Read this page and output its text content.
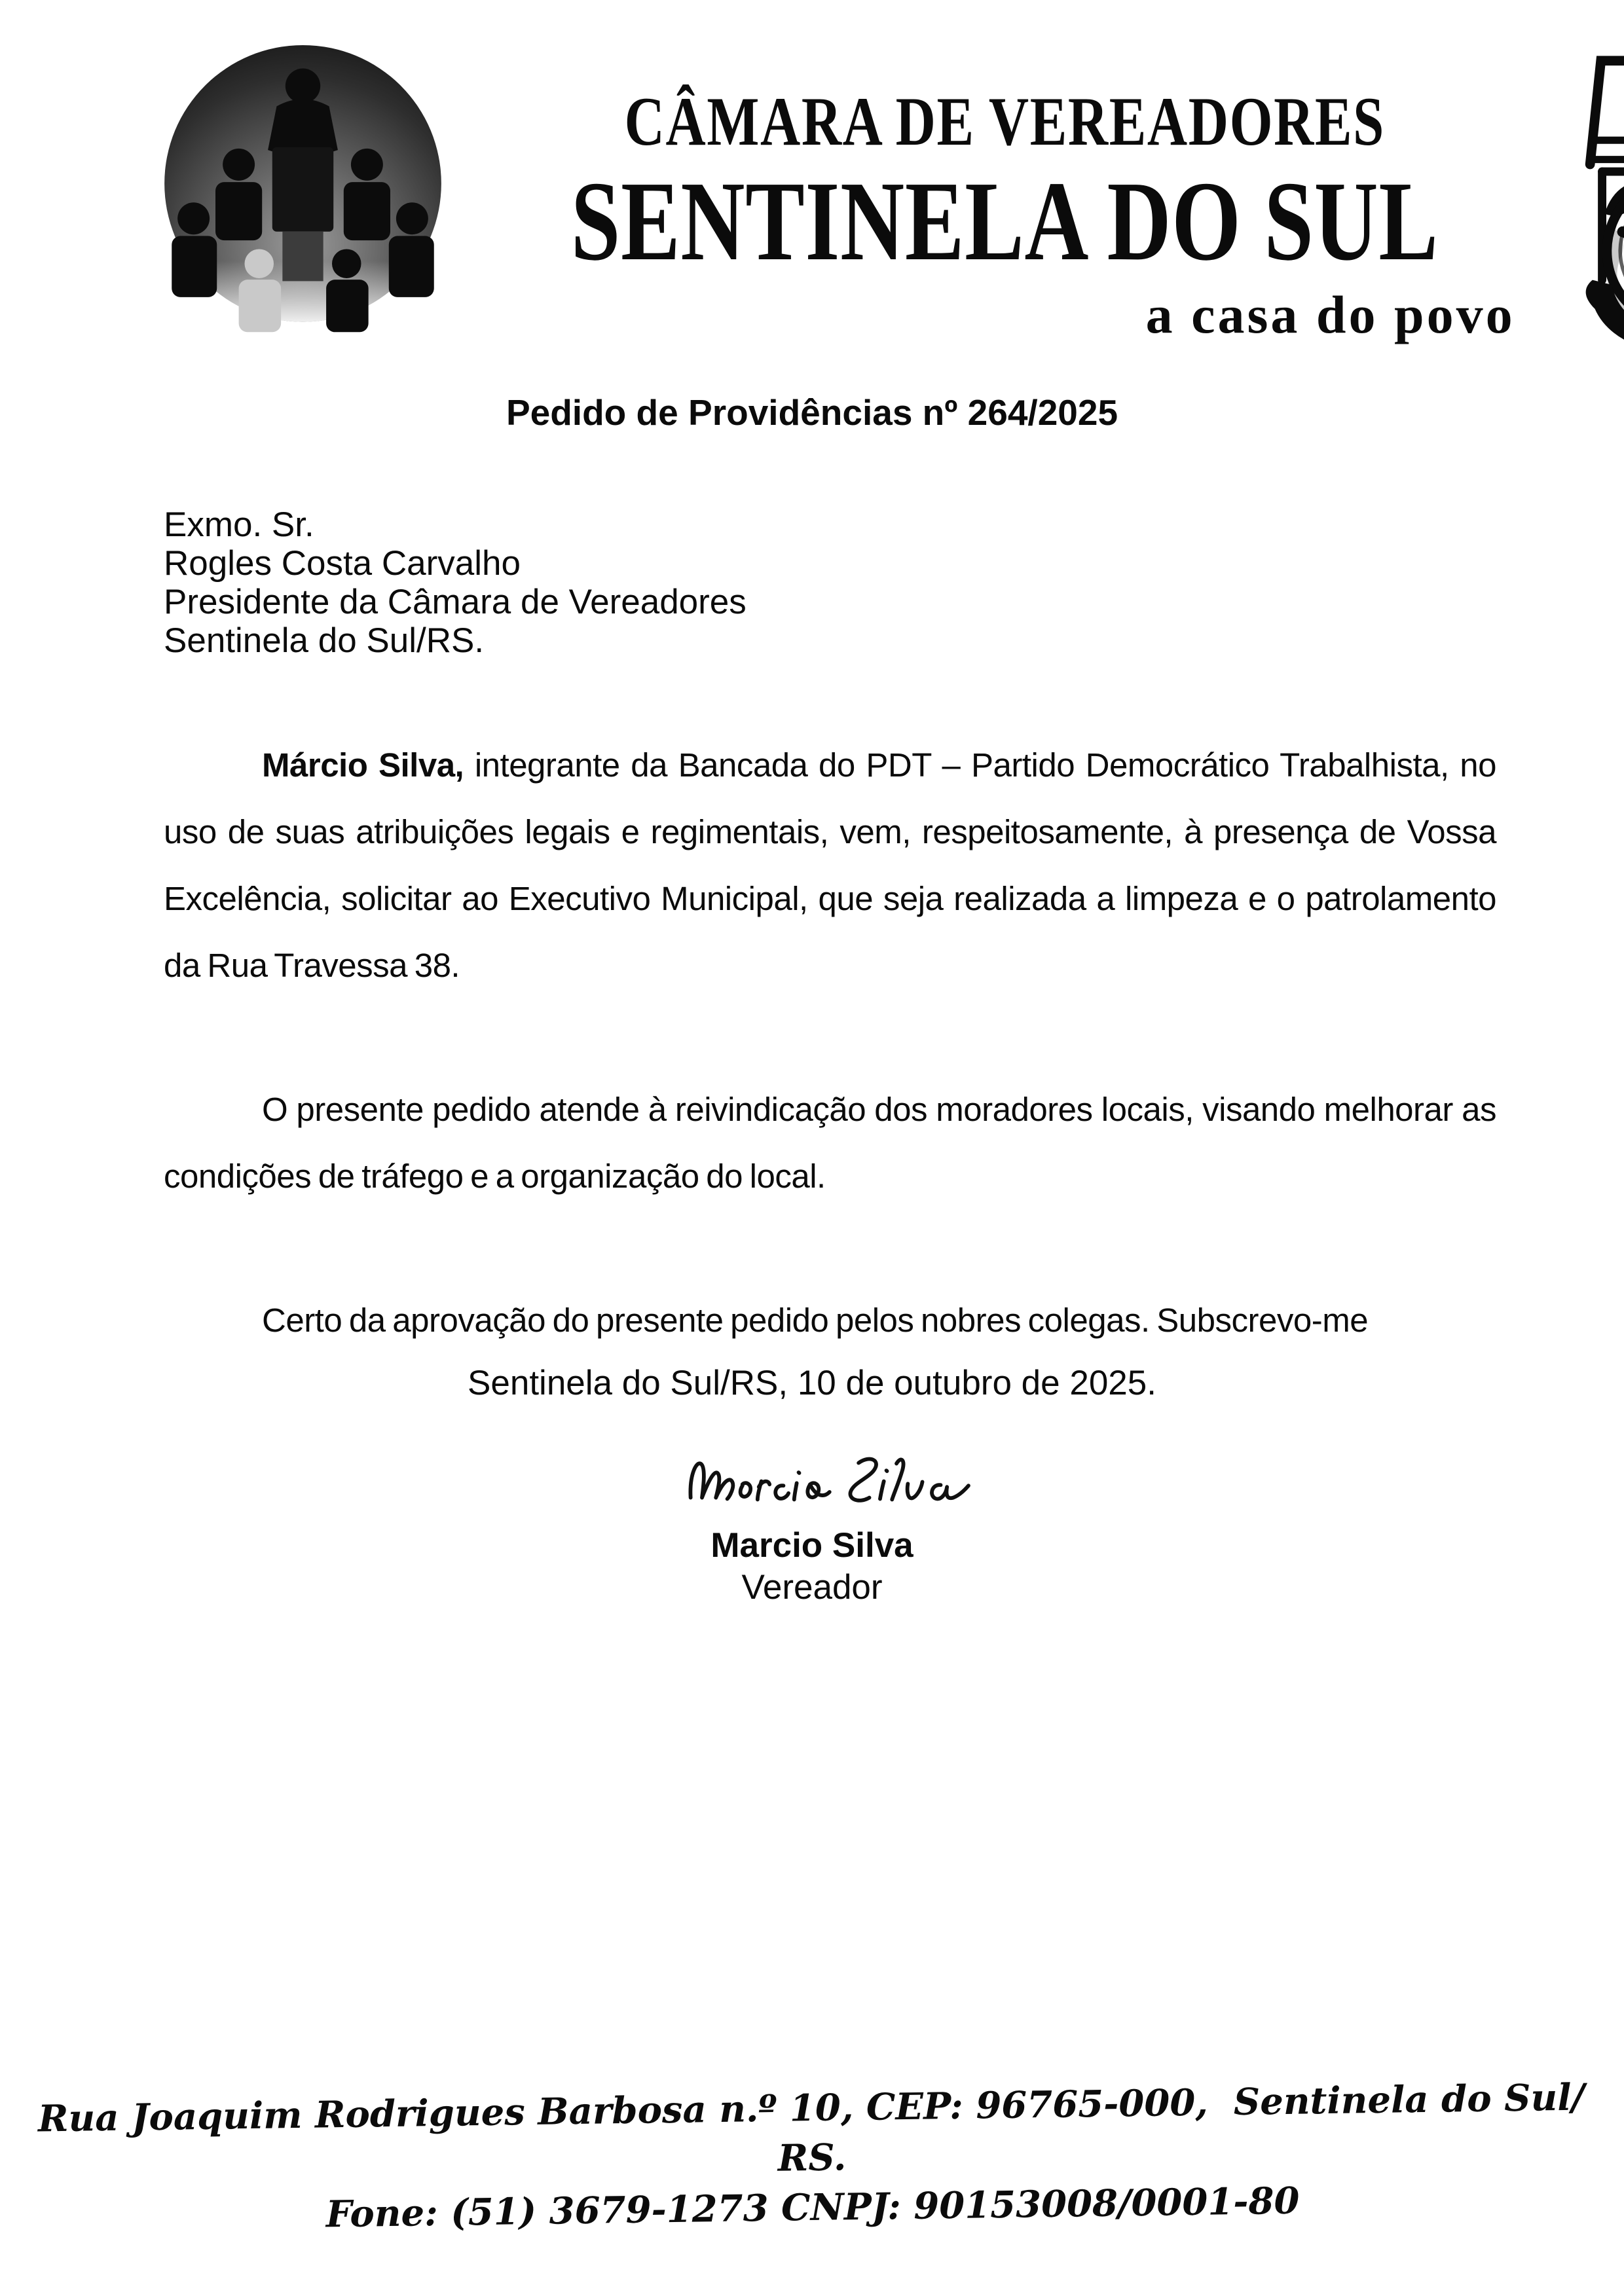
CÂMARA DE VEREADORES
SENTINELA DO SUL
a casa do povo
Pedido de Providências nº 264/2025
Exmo. Sr.
Rogles Costa Carvalho
Presidente da Câmara de Vereadores
Sentinela do Sul/RS.

Márcio Silva, integrante da Bancada do PDT – Partido Democrático Trabalhista, no uso de suas atribuições legais e regimentais, vem, respeitosamente, à presença de Vossa Excelência, solicitar ao Executivo Municipal, que seja realizada a limpeza e o patrolamento da Rua Travessa 38.

O presente pedido atende à reivindicação dos moradores locais, visando melhorar as condições de tráfego e a organização do local.

Certo da aprovação do presente pedido pelos nobres colegas. Subscrevo-me

Sentinela do Sul/RS, 10 de outubro de 2025.
Marcio Silva
Vereador
Rua Joaquim Rodrigues Barbosa n.º 10, CEP: 96765-000,  Sentinela do Sul/ RS.
Fone: (51) 3679-1273 CNPJ: 90153008/0001-80
